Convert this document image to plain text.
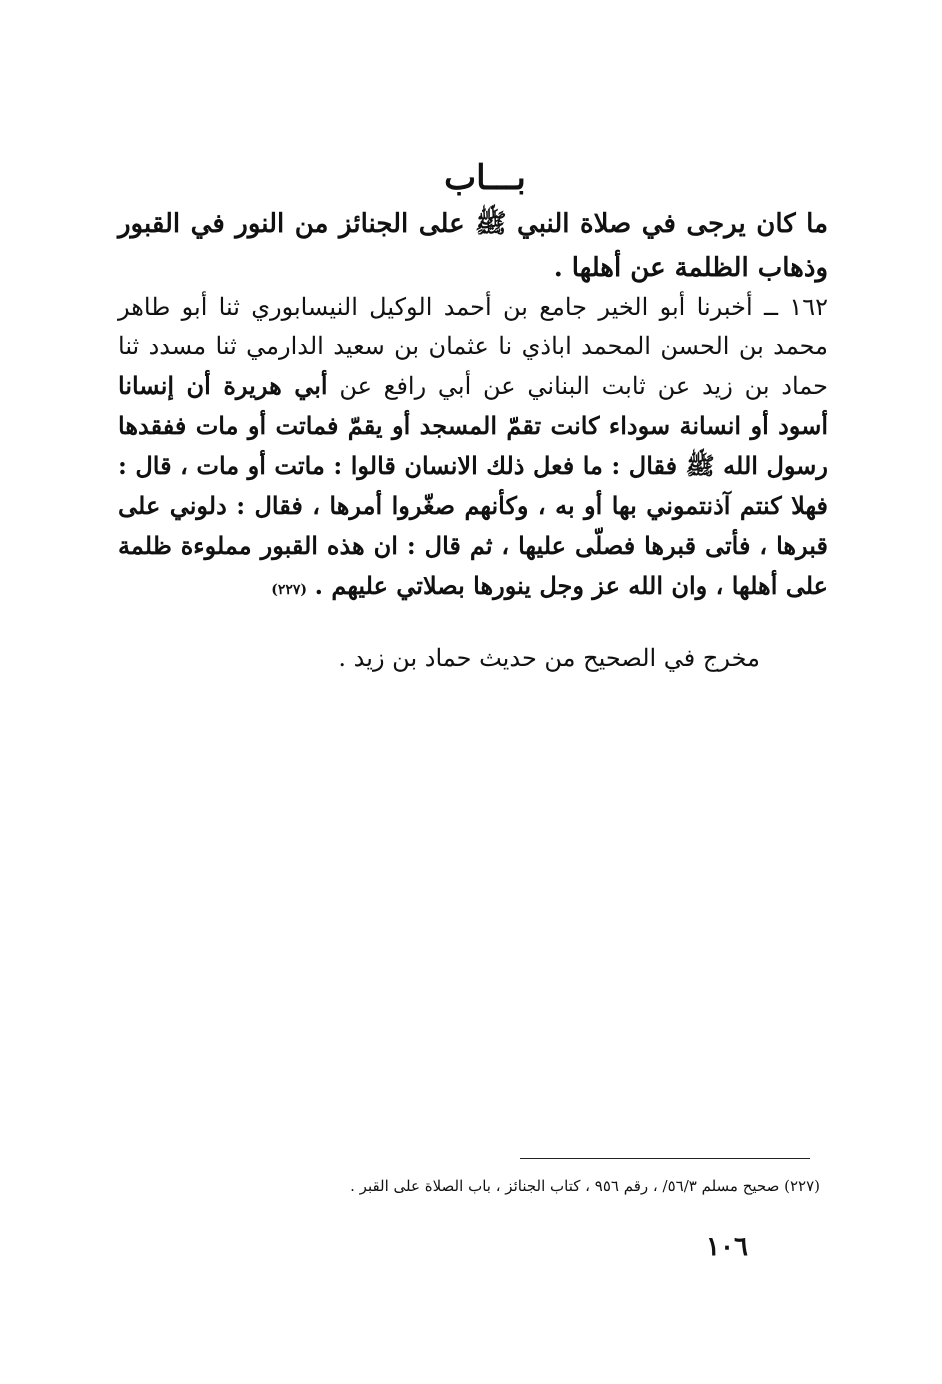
بـــاب
ما كان يرجى في صلاة النبي ﷺ على الجنائز من النور في القبور وذهاب الظلمة عن أهلها .
١٦٢ ــ أخبرنا أبو الخير جامع بن أحمد الوكيل النيسابوري ثنا أبو طاهر محمد بن الحسن المحمد اباذي نا عثمان بن سعيد الدارمي ثنا مسدد ثنا حماد بن زيد عن ثابت البناني عن أبي رافع عن أبي هريرة أن إنسانا أسود أو انسانة سوداء كانت تقمّ المسجد أو يقمّ فماتت أو مات ففقدها رسول الله ﷺ فقال : ما فعل ذلك الانسان قالوا : ماتت أو مات ، قال : فهلا كنتم آذنتموني بها أو به ، وكأنهم صغّروا أمرها ، فقال : دلوني على قبرها ، فأتى قبرها فصلّى عليها ، ثم قال : ان هذه القبور مملوءة ظلمة على أهلها ، وان الله عز وجل ينورها بصلاتي عليهم . (٢٢٧)
مخرج في الصحيح من حديث حماد بن زيد .
(٢٢٧) صحيح مسلم ٥٦/٣/ ، رقم ٩٥٦ ، كتاب الجنائز ، باب الصلاة على القبر .
١٠٦
